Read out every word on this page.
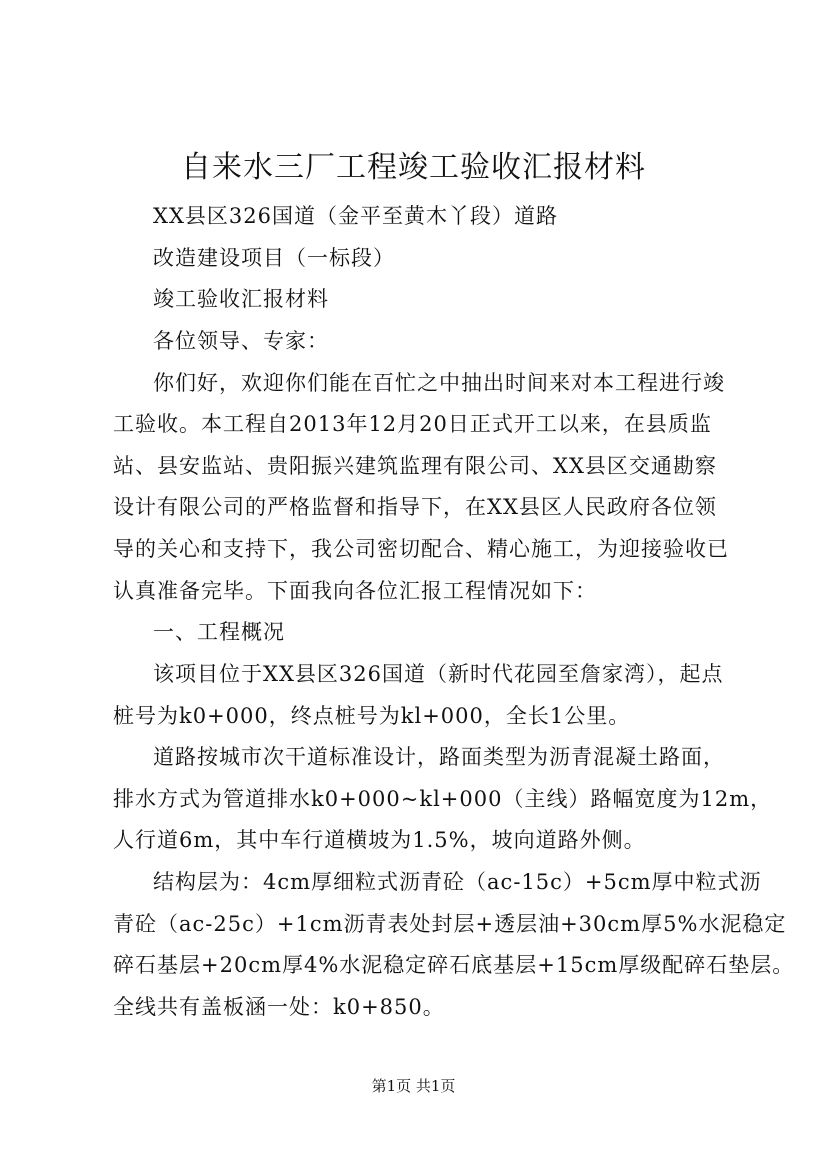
自来水三厂工程竣工验收汇报材料
XX县区326国道（金平至黄木丫段）道路
改造建设项目（一标段）
竣工验收汇报材料
各位领导、专家：
你们好，欢迎你们能在百忙之中抽出时间来对本工程进行竣
工验收。本工程自2013年12月20日正式开工以来，在县质监
站、县安监站、贵阳振兴建筑监理有限公司、XX县区交通勘察
设计有限公司的严格监督和指导下，在XX县区人民政府各位领
导的关心和支持下，我公司密切配合、精心施工，为迎接验收已
认真准备完毕。下面我向各位汇报工程情况如下：
一、工程概况
该项目位于XX县区326国道（新时代花园至詹家湾），起点
桩号为k0+000，终点桩号为kl+000，全长1公里。
道路按城市次干道标准设计，路面类型为沥青混凝土路面，
排水方式为管道排水k0+000~kl+000（主线）路幅宽度为12m，
人行道6m，其中车行道横坡为1.5%，坡向道路外侧。
结构层为：4cm厚细粒式沥青砼（ac-15c）+5cm厚中粒式沥
青砼（ac-25c）+1cm沥青表处封层+透层油+30cm厚5%水泥稳定
碎石基层+20cm厚4%水泥稳定碎石底基层+15cm厚级配碎石垫层。
全线共有盖板涵一处：k0+850。
第1页 共1页
